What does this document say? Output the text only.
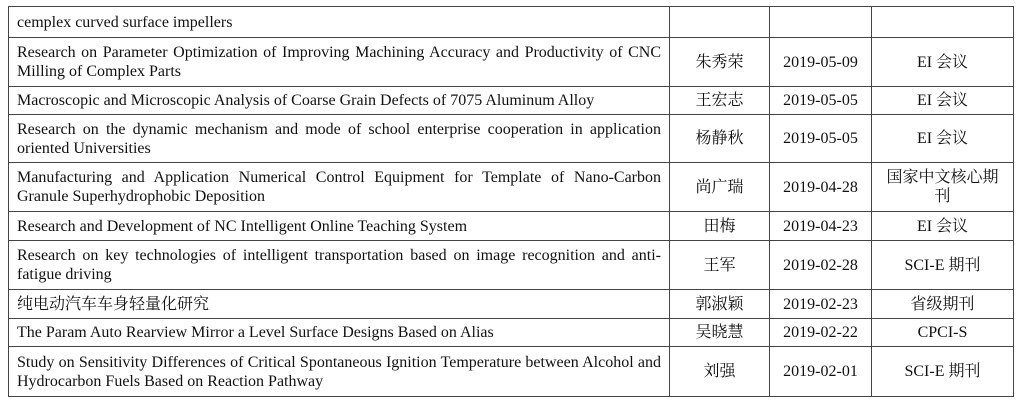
cemplex curved surface impellers			
Research on Parameter Optimization of Improving Machining Accuracy and Productivity of CNC Milling of Complex Parts	朱秀荣	2019-05-09	EI 会议
Macroscopic and Microscopic Analysis of Coarse Grain Defects of 7075 Aluminum Alloy	王宏志	2019-05-05	EI 会议
Research on the dynamic mechanism and mode of school enterprise cooperation in application oriented Universities	杨静秋	2019-05-05	EI 会议
Manufacturing and Application Numerical Control Equipment for Template of Nano-Carbon Granule Superhydrophobic Deposition	尚广瑞	2019-04-28	国家中文核心期刊
Research and Development of NC Intelligent Online Teaching System	田梅	2019-04-23	EI 会议
Research on key technologies of intelligent transportation based on image recognition and anti-fatigue driving	王军	2019-02-28	SCI-E 期刊
纯电动汽车车身轻量化研究	郭淑颖	2019-02-23	省级期刊
The Param Auto Rearview Mirror a Level Surface Designs Based on Alias	吴晓慧	2019-02-22	CPCI-S
Study on Sensitivity Differences of Critical Spontaneous Ignition Temperature between Alcohol and Hydrocarbon Fuels Based on Reaction Pathway	刘强	2019-02-01	SCI-E 期刊
